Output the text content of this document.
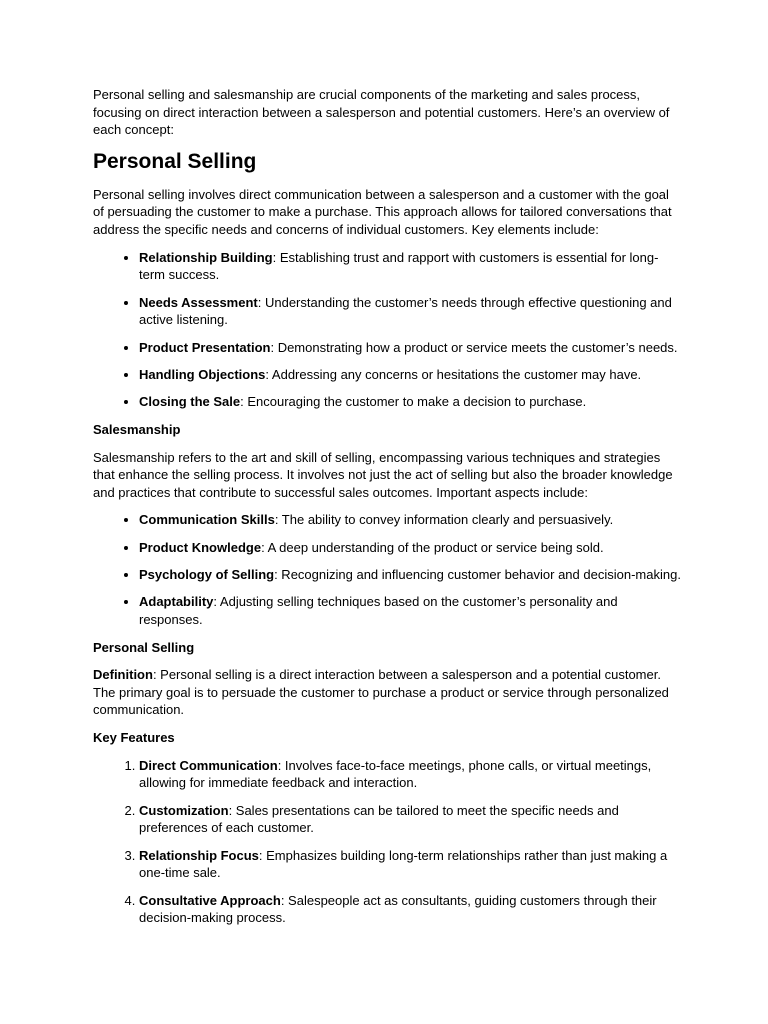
Personal selling and salesmanship are crucial components of the marketing and sales process, focusing on direct interaction between a salesperson and potential customers. Here’s an overview of each concept:

Personal Selling

Personal selling involves direct communication between a salesperson and a customer with the goal of persuading the customer to make a purchase. This approach allows for tailored conversations that address the specific needs and concerns of individual customers. Key elements include:

• Relationship Building: Establishing trust and rapport with customers is essential for long-term success.
• Needs Assessment: Understanding the customer’s needs through effective questioning and active listening.
• Product Presentation: Demonstrating how a product or service meets the customer’s needs.
• Handling Objections: Addressing any concerns or hesitations the customer may have.
• Closing the Sale: Encouraging the customer to make a decision to purchase.

Salesmanship

Salesmanship refers to the art and skill of selling, encompassing various techniques and strategies that enhance the selling process. It involves not just the act of selling but also the broader knowledge and practices that contribute to successful sales outcomes. Important aspects include:

• Communication Skills: The ability to convey information clearly and persuasively.
• Product Knowledge: A deep understanding of the product or service being sold.
• Psychology of Selling: Recognizing and influencing customer behavior and decision-making.
• Adaptability: Adjusting selling techniques based on the customer’s personality and responses.

Personal Selling

Definition: Personal selling is a direct interaction between a salesperson and a potential customer. The primary goal is to persuade the customer to purchase a product or service through personalized communication.

Key Features

1. Direct Communication: Involves face-to-face meetings, phone calls, or virtual meetings, allowing for immediate feedback and interaction.
2. Customization: Sales presentations can be tailored to meet the specific needs and preferences of each customer.
3. Relationship Focus: Emphasizes building long-term relationships rather than just making a one-time sale.
4. Consultative Approach: Salespeople act as consultants, guiding customers through their decision-making process.
